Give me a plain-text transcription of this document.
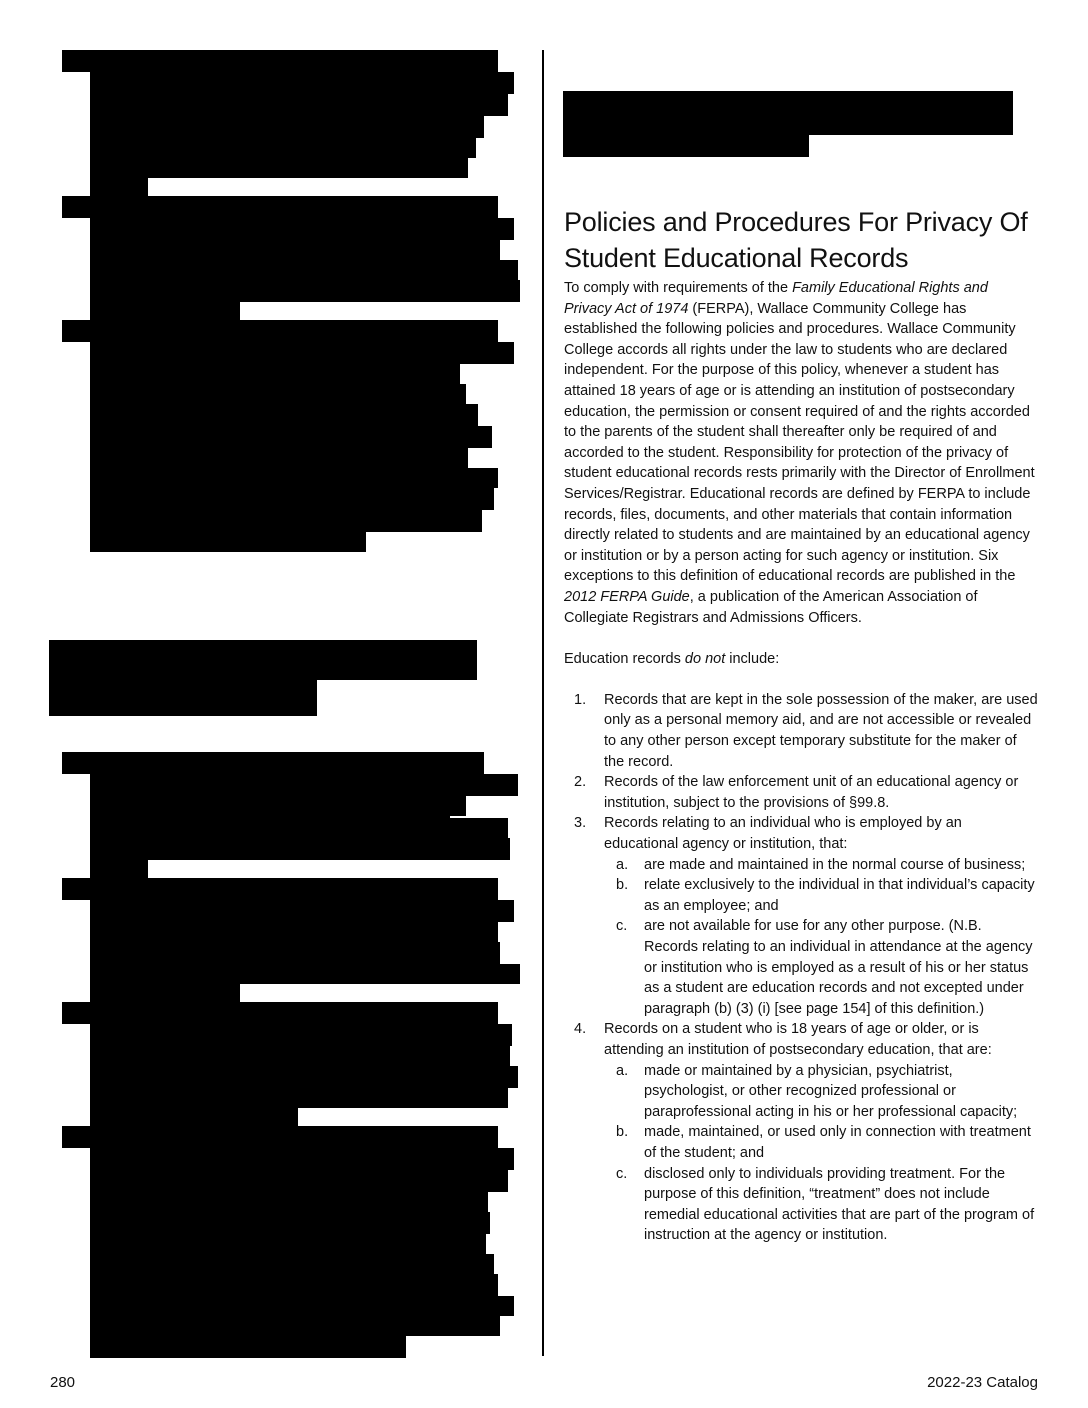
Policies and Procedures For Privacy Of Student Educational Records

To comply with requirements of the Family Educational Rights and Privacy Act of 1974 (FERPA), Wallace Community College has established the following policies and procedures. Wallace Community College accords all rights under the law to students who are declared independent. For the purpose of this policy, whenever a student has attained 18 years of age or is attending an institution of postsecondary education, the permission or consent required of and the rights accorded to the parents of the student shall thereafter only be required of and accorded to the student. Responsibility for protection of the privacy of student educational records rests primarily with the Director of Enrollment Services/Registrar. Educational records are defined by FERPA to include records, files, documents, and other materials that contain information directly related to students and are maintained by an educational agency or institution or by a person acting for such agency or institution. Six exceptions to this definition of educational records are published in the 2012 FERPA Guide, a publication of the American Association of Collegiate Registrars and Admissions Officers.

Education records do not include:

1. Records that are kept in the sole possession of the maker, are used only as a personal memory aid, and are not accessible or revealed to any other person except temporary substitute for the maker of the record.
2. Records of the law enforcement unit of an educational agency or institution, subject to the provisions of §99.8.
3. Records relating to an individual who is employed by an educational agency or institution, that:
a. are made and maintained in the normal course of business;
b. relate exclusively to the individual in that individual’s capacity as an employee; and
c. are not available for use for any other purpose. (N.B. Records relating to an individual in attendance at the agency or institution who is employed as a result of his or her status as a student are education records and not excepted under paragraph (b) (3) (i) [see page 154] of this definition.)
4. Records on a student who is 18 years of age or older, or is attending an institution of postsecondary education, that are:
a. made or maintained by a physician, psychiatrist, psychologist, or other recognized professional or paraprofessional acting in his or her professional capacity;
b. made, maintained, or used only in connection with treatment of the student; and
c. disclosed only to individuals providing treatment. For the purpose of this definition, “treatment” does not include remedial educational activities that are part of the program of instruction at the agency or institution.
280	2022-23 Catalog
